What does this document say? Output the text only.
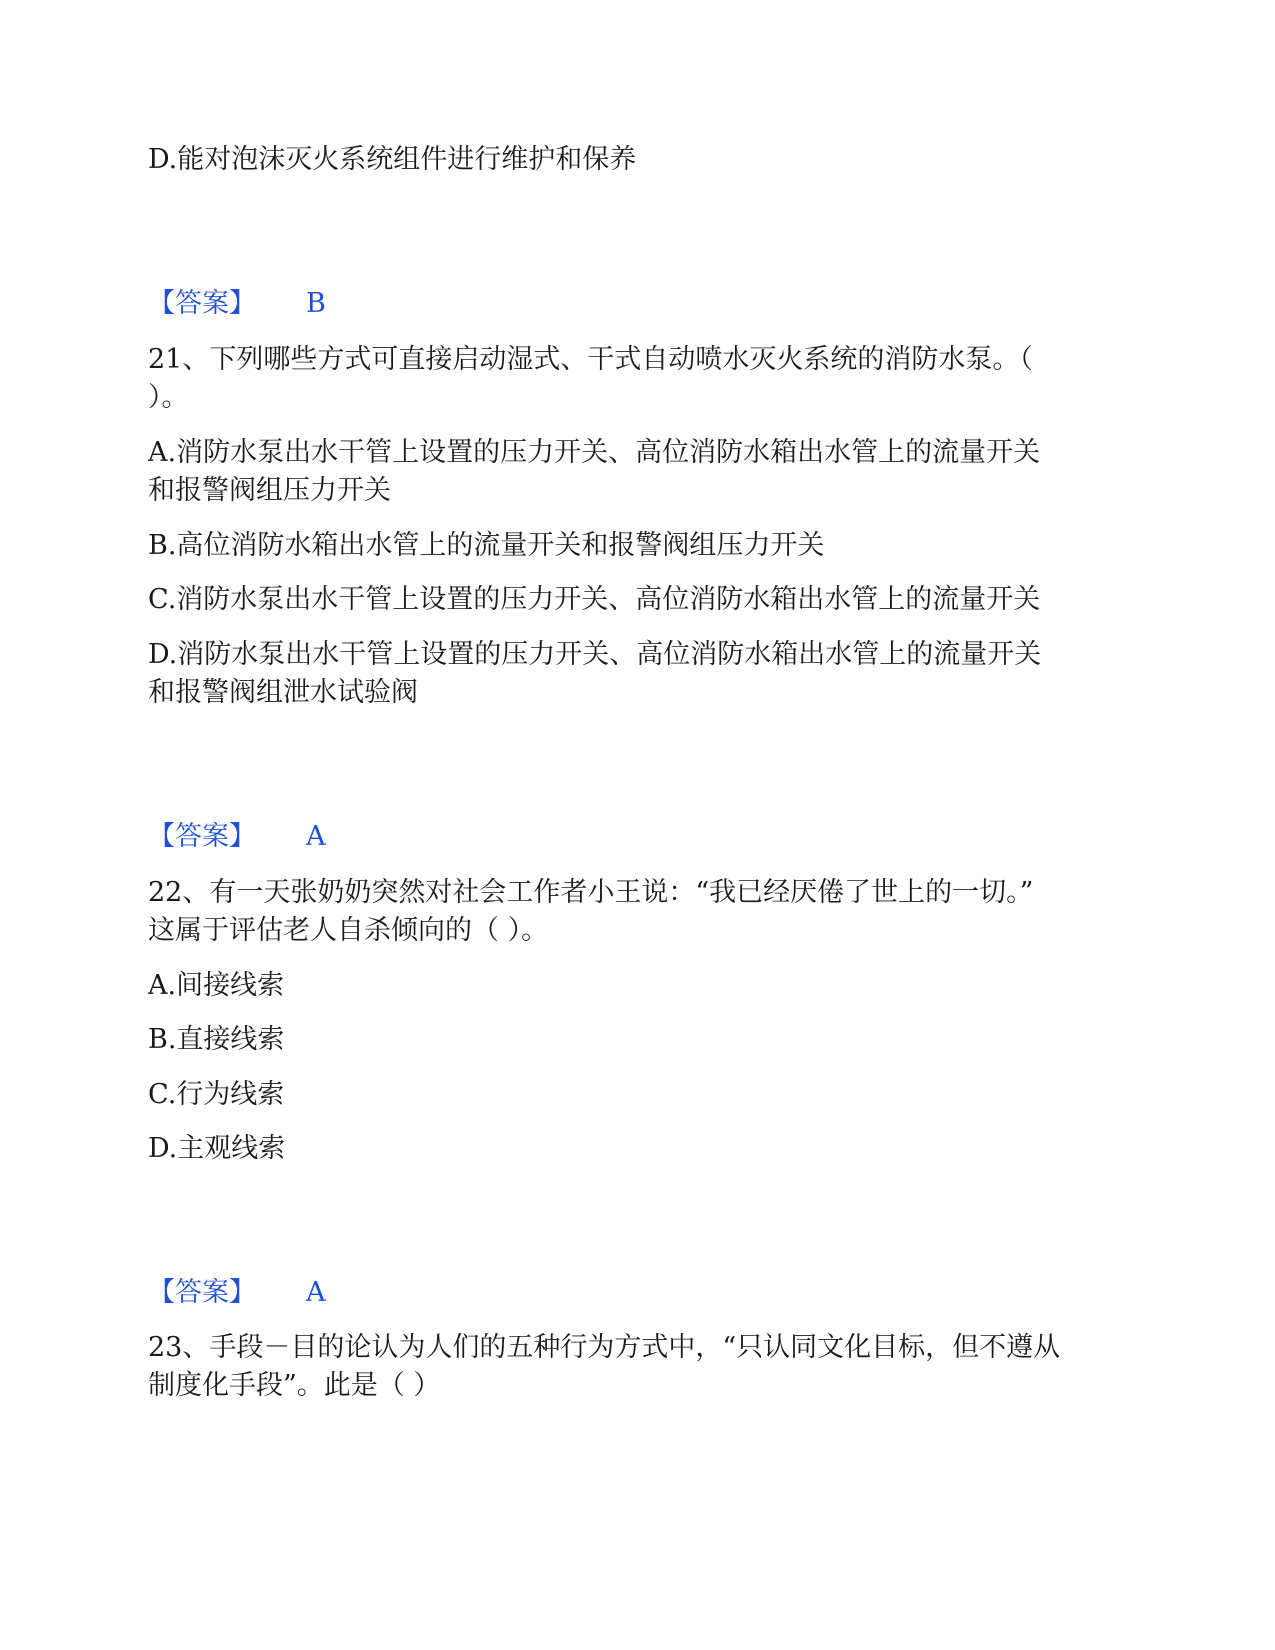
D.能对泡沫灭火系统组件进行维护和保养
【答案】 B
21、下列哪些方式可直接启动湿式、干式自动喷水灭火系统的消防水泵。（
）。
A.消防水泵出水干管上设置的压力开关、高位消防水箱出水管上的流量开关
和报警阀组压力开关
B.高位消防水箱出水管上的流量开关和报警阀组压力开关
C.消防水泵出水干管上设置的压力开关、高位消防水箱出水管上的流量开关
D.消防水泵出水干管上设置的压力开关、高位消防水箱出水管上的流量开关
和报警阀组泄水试验阀
【答案】 A
22、有一天张奶奶突然对社会工作者小王说：“我已经厌倦了世上的一切。”
这属于评估老人自杀倾向的（ ）。
A.间接线索
B.直接线索
C.行为线索
D.主观线索
【答案】 A
23、手段－目的论认为人们的五种行为方式中，“只认同文化目标，但不遵从
制度化手段”。此是（ ）
